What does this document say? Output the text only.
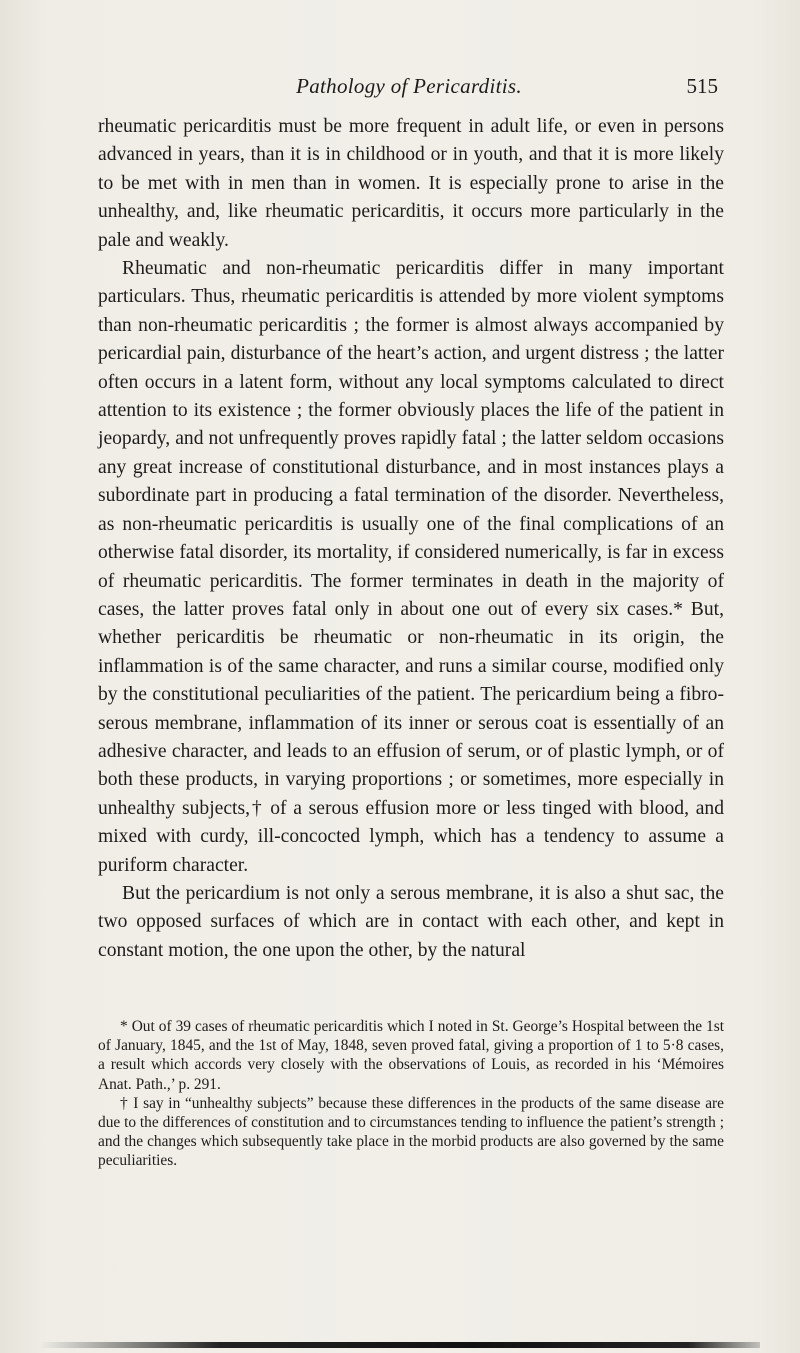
Pathology of Pericarditis.	515

rheumatic pericarditis must be more frequent in adult life, or even in persons advanced in years, than it is in childhood or in youth, and that it is more likely to be met with in men than in women. It is especially prone to arise in the unhealthy, and, like rheumatic pericarditis, it occurs more particularly in the pale and weakly.

Rheumatic and non-rheumatic pericarditis differ in many important particulars. Thus, rheumatic pericarditis is attended by more violent symptoms than non-rheumatic pericarditis ; the former is almost always accompanied by pericardial pain, disturbance of the heart’s action, and urgent distress ; the latter often occurs in a latent form, without any local symptoms calculated to direct attention to its existence ; the former obviously places the life of the patient in jeopardy, and not unfrequently proves rapidly fatal ; the latter seldom occasions any great increase of constitutional disturbance, and in most instances plays a subordinate part in producing a fatal termination of the disorder. Nevertheless, as non-rheumatic pericarditis is usually one of the final complications of an otherwise fatal disorder, its mortality, if considered numerically, is far in excess of rheumatic pericarditis. The former terminates in death in the majority of cases, the latter proves fatal only in about one out of every six cases.* But, whether pericarditis be rheumatic or non-rheumatic in its origin, the inflammation is of the same character, and runs a similar course, modified only by the constitutional peculiarities of the patient. The pericardium being a fibro-serous membrane, inflammation of its inner or serous coat is essentially of an adhesive character, and leads to an effusion of serum, or of plastic lymph, or of both these products, in varying proportions ; or sometimes, more especially in unhealthy subjects,† of a serous effusion more or less tinged with blood, and mixed with curdy, ill-concocted lymph, which has a tendency to assume a puriform character.

But the pericardium is not only a serous membrane, it is also a shut sac, the two opposed surfaces of which are in contact with each other, and kept in constant motion, the one upon the other, by the natural

* Out of 39 cases of rheumatic pericarditis which I noted in St. George’s Hospital between the 1st of January, 1845, and the 1st of May, 1848, seven proved fatal, giving a proportion of 1 to 5·8 cases, a result which accords very closely with the observations of Louis, as recorded in his ‘Mémoires Anat. Path.,’ p. 291.

† I say in “unhealthy subjects” because these differences in the products of the same disease are due to the differences of constitution and to circumstances tending to influence the patient’s strength ; and the changes which subsequently take place in the morbid products are also governed by the same peculiarities.
